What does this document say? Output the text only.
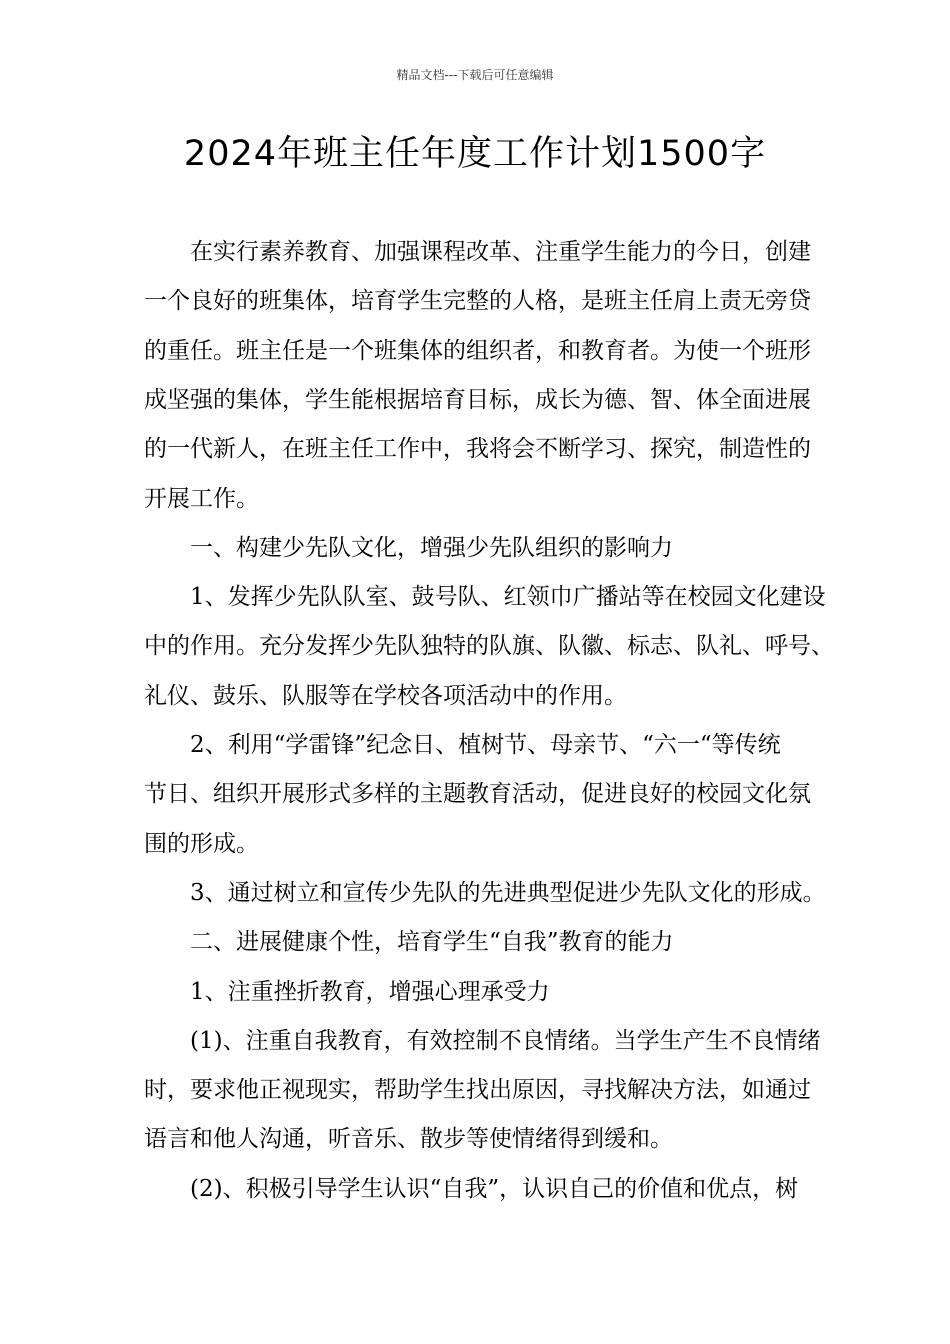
精品文档---下载后可任意编辑
2024年班主任年度工作计划1500字
在实行素养教育、加强课程改革、注重学生能力的今日，创建
一个良好的班集体，培育学生完整的人格，是班主任肩上责无旁贷
的重任。班主任是一个班集体的组织者，和教育者。为使一个班形
成坚强的集体，学生能根据培育目标，成长为德、智、体全面进展
的一代新人，在班主任工作中，我将会不断学习、探究，制造性的
开展工作。
一、构建少先队文化，增强少先队组织的影响力
1、发挥少先队队室、鼓号队、红领巾广播站等在校园文化建设
中的作用。充分发挥少先队独特的队旗、队徽、标志、队礼、呼号、
礼仪、鼓乐、队服等在学校各项活动中的作用。
2、利用“学雷锋”纪念日、植树节、母亲节、“六一“等传统
节日、组织开展形式多样的主题教育活动，促进良好的校园文化氛
围的形成。
3、通过树立和宣传少先队的先进典型促进少先队文化的形成。
二、进展健康个性，培育学生“自我”教育的能力
1、注重挫折教育，增强心理承受力
(1)、注重自我教育，有效控制不良情绪。当学生产生不良情绪
时，要求他正视现实，帮助学生找出原因，寻找解决方法，如通过
语言和他人沟通，听音乐、散步等使情绪得到缓和。
(2)、积极引导学生认识“自我”，认识自己的价值和优点，树
